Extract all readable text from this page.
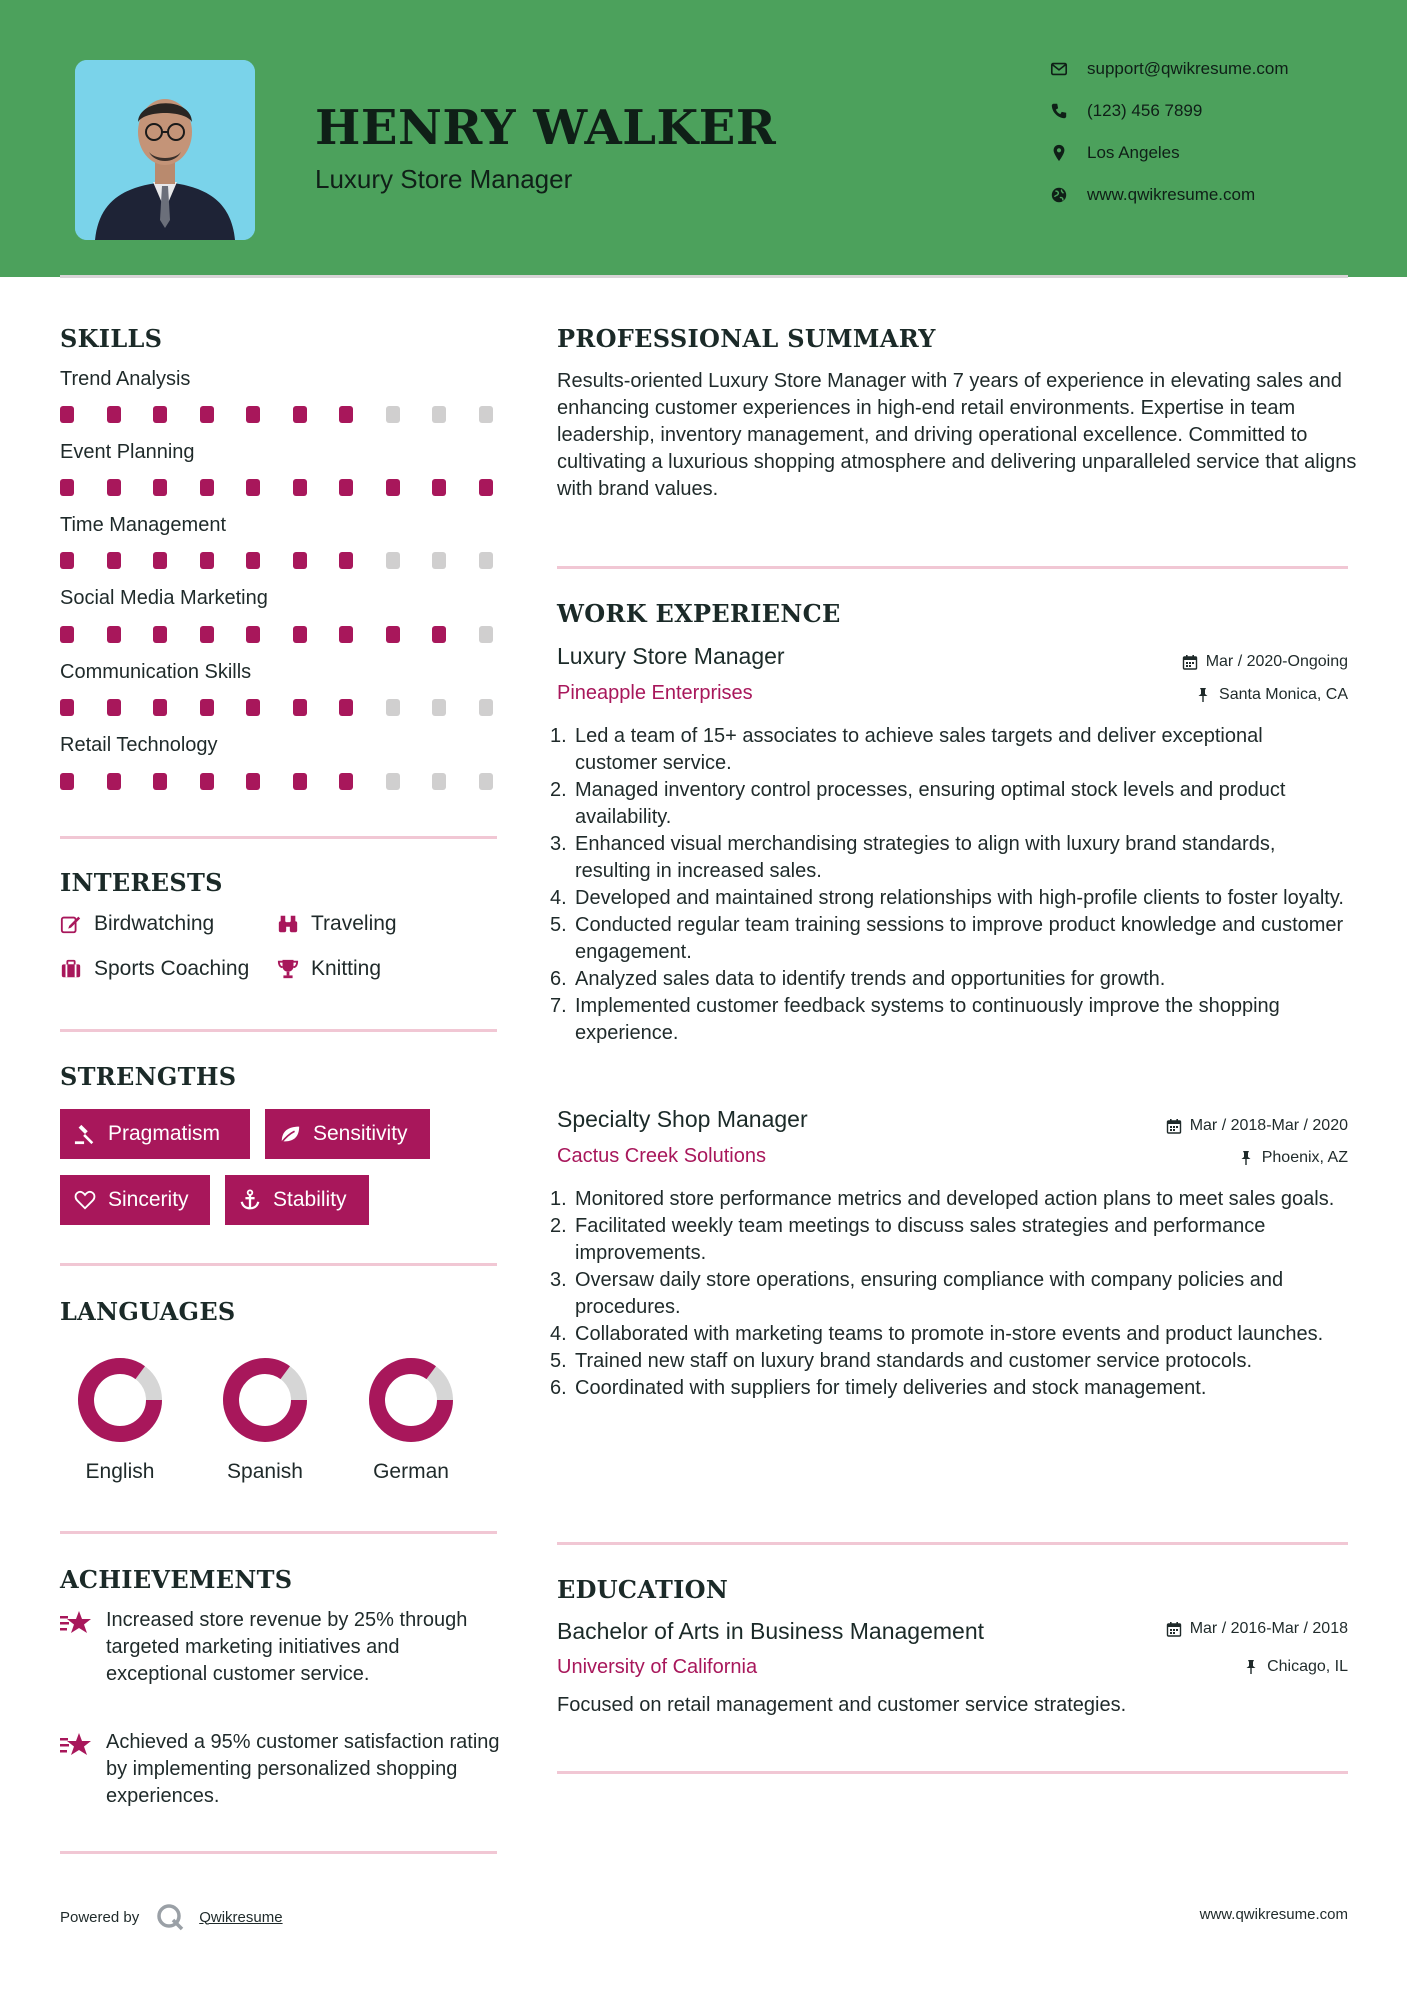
HENRY WALKER
Luxury Store Manager
support@qwikresume.com
(123) 456 7899
Los Angeles
www.qwikresume.com
SKILLS
Trend Analysis
Event Planning
Time Management
Social Media Marketing
Communication Skills
Retail Technology
INTERESTS
Birdwatching	Traveling
Sports Coaching	Knitting
STRENGTHS
Pragmatism	Sensitivity
Sincerity	Stability
LANGUAGES
English	Spanish	German
ACHIEVEMENTS
Increased store revenue by 25% through targeted marketing initiatives and exceptional customer service.
Achieved a 95% customer satisfaction rating by implementing personalized shopping experiences.
PROFESSIONAL SUMMARY
Results-oriented Luxury Store Manager with 7 years of experience in elevating sales and enhancing customer experiences in high-end retail environments. Expertise in team leadership, inventory management, and driving operational excellence. Committed to cultivating a luxurious shopping atmosphere and delivering unparalleled service that aligns with brand values.
WORK EXPERIENCE
Luxury Store Manager	Mar / 2020-Ongoing
Pineapple Enterprises	Santa Monica, CA
1. Led a team of 15+ associates to achieve sales targets and deliver exceptional customer service.
2. Managed inventory control processes, ensuring optimal stock levels and product availability.
3. Enhanced visual merchandising strategies to align with luxury brand standards, resulting in increased sales.
4. Developed and maintained strong relationships with high-profile clients to foster loyalty.
5. Conducted regular team training sessions to improve product knowledge and customer engagement.
6. Analyzed sales data to identify trends and opportunities for growth.
7. Implemented customer feedback systems to continuously improve the shopping experience.
Specialty Shop Manager	Mar / 2018-Mar / 2020
Cactus Creek Solutions	Phoenix, AZ
1. Monitored store performance metrics and developed action plans to meet sales goals.
2. Facilitated weekly team meetings to discuss sales strategies and performance improvements.
3. Oversaw daily store operations, ensuring compliance with company policies and procedures.
4. Collaborated with marketing teams to promote in-store events and product launches.
5. Trained new staff on luxury brand standards and customer service protocols.
6. Coordinated with suppliers for timely deliveries and stock management.
EDUCATION
Bachelor of Arts in Business Management	Mar / 2016-Mar / 2018
University of California	Chicago, IL
Focused on retail management and customer service strategies.
Powered by	Qwikresume	www.qwikresume.com
